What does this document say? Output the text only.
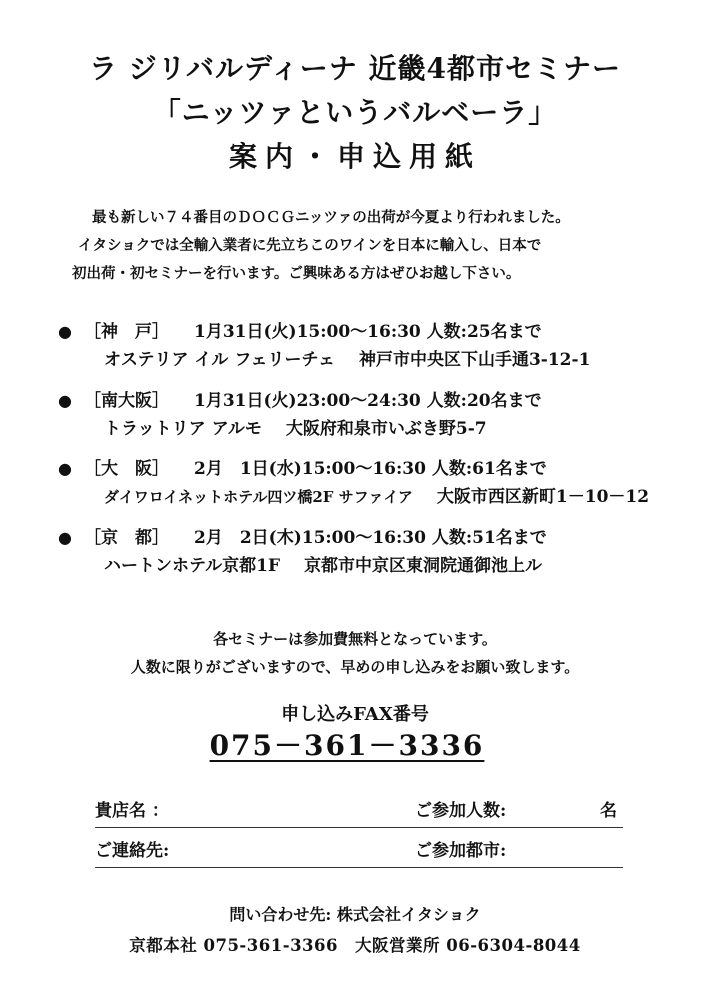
ラ ジリバルディーナ 近畿4都市セミナー
「ニッツァというバルベーラ」
案内・申込用紙
最も新しい７４番目のＤＯＣＧニッツァの出荷が今夏より行われました。
イタショクでは全輸入業者に先立ちこのワインを日本に輸入し、日本で
初出荷・初セミナーを行います。ご興味ある方はぜひお越し下さい。
● ［神　戸］ 1月31日(火)15:00～16:30 人数:25名まで
オステリア イル フェリーチェ 神戸市中央区下山手通3-12-1
● ［南大阪］ 1月31日(火)23:00～24:30 人数:20名まで
トラットリア アルモ 大阪府和泉市いぶき野5-7
● ［大　阪］ 2月　1日(水)15:00～16:30 人数:61名まで
ダイワロイネットホテル四ツ橋2F サファイア 大阪市西区新町1－10－12
● ［京　都］ 2月　2日(木)15:00～16:30 人数:51名まで
ハートンホテル京都1F 京都市中京区東洞院通御池上ル
各セミナーは参加費無料となっています。
人数に限りがございますので、早めの申し込みをお願い致します。
申し込みFAX番号
075－361－3336
貴店名 ：	ご参加人数:	名
ご連絡先:	ご参加都市:
問い合わせ先: 株式会社イタショク
京都本社 075-361-3366　大阪営業所 06-6304-8044
